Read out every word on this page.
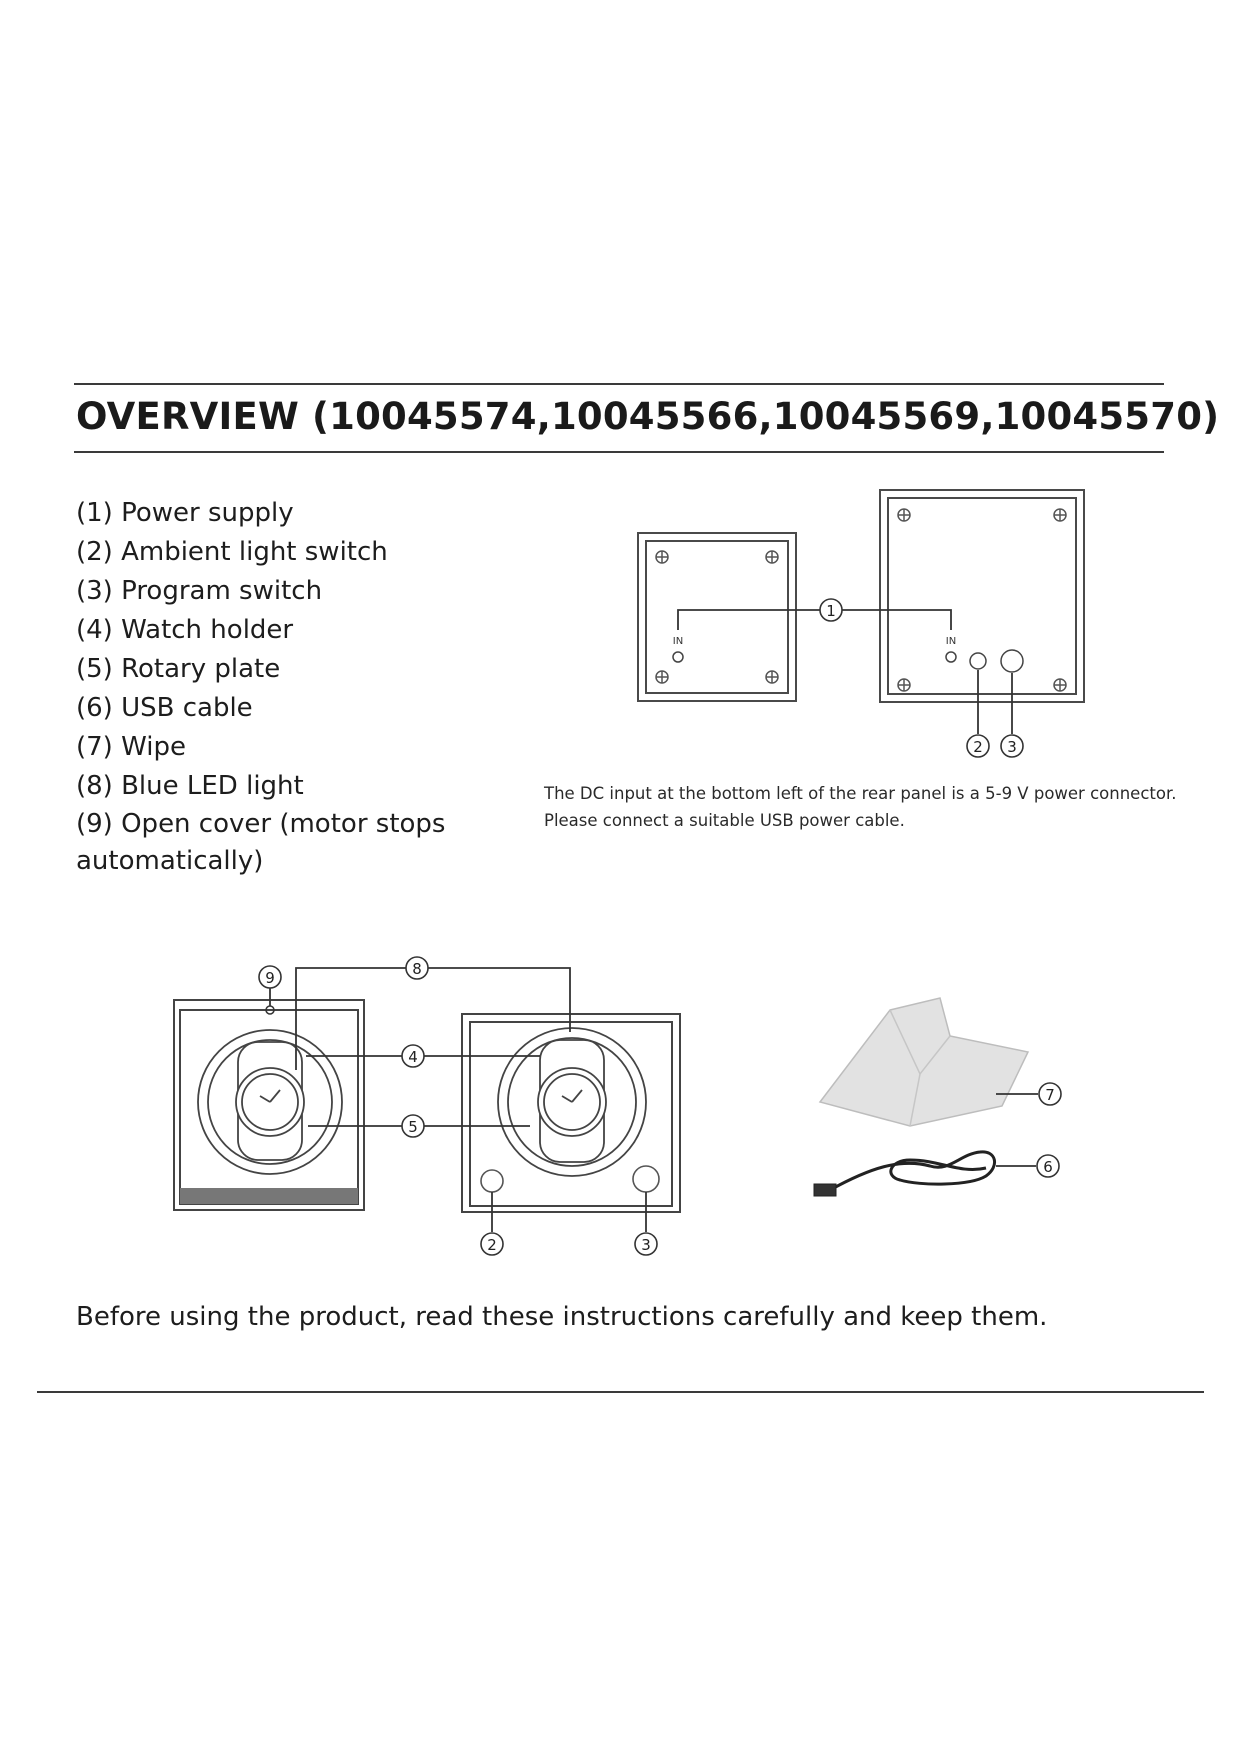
OVERVIEW (10045574,10045566,10045569,10045570)
(1) Power supply
(2) Ambient light switch
(3) Program switch
(4) Watch holder
(5) Rotary plate
(6) USB cable
(7) Wipe
(8) Blue LED light
(9) Open cover (motor stops automatically)
IN	IN
1
2 3
The DC input at the bottom left of the rear panel is a 5-9 V power connector.
Please connect a suitable USB power cable.
9	8
4
5
2	3
7
6
Before using the product, read these instructions carefully and keep them.
